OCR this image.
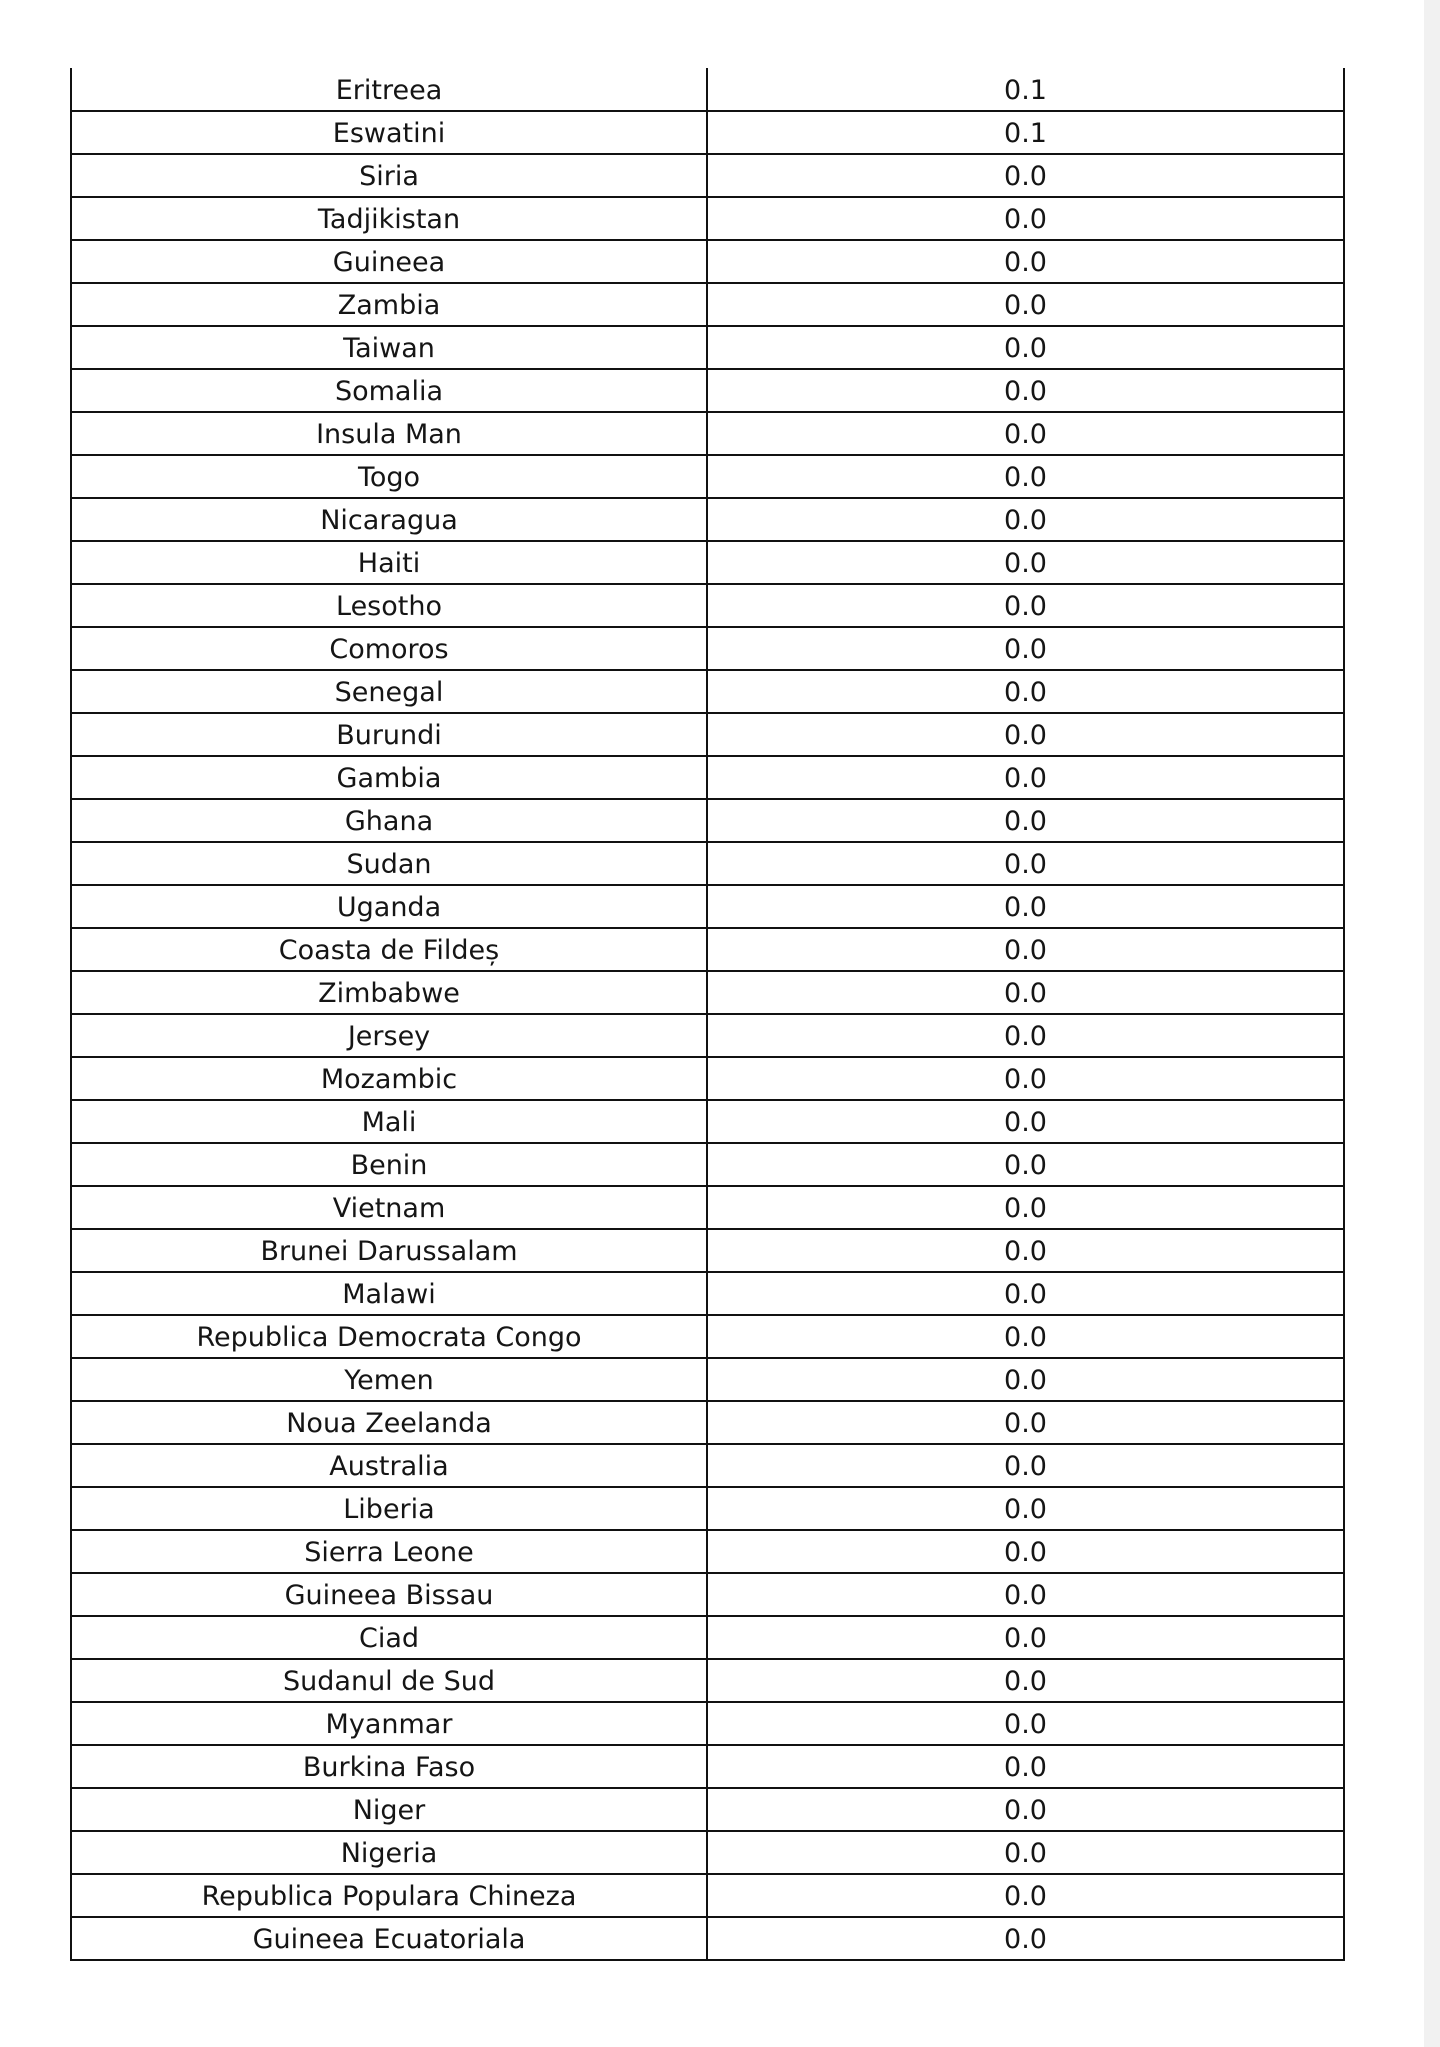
Eritreea	0.1
Eswatini	0.1
Siria	0.0
Tadjikistan	0.0
Guineea	0.0
Zambia	0.0
Taiwan	0.0
Somalia	0.0
Insula Man	0.0
Togo	0.0
Nicaragua	0.0
Haiti	0.0
Lesotho	0.0
Comoros	0.0
Senegal	0.0
Burundi	0.0
Gambia	0.0
Ghana	0.0
Sudan	0.0
Uganda	0.0
Coasta de Fildeș	0.0
Zimbabwe	0.0
Jersey	0.0
Mozambic	0.0
Mali	0.0
Benin	0.0
Vietnam	0.0
Brunei Darussalam	0.0
Malawi	0.0
Republica Democrata Congo	0.0
Yemen	0.0
Noua Zeelanda	0.0
Australia	0.0
Liberia	0.0
Sierra Leone	0.0
Guineea Bissau	0.0
Ciad	0.0
Sudanul de Sud	0.0
Myanmar	0.0
Burkina Faso	0.0
Niger	0.0
Nigeria	0.0
Republica Populara Chineza	0.0
Guineea Ecuatoriala	0.0
